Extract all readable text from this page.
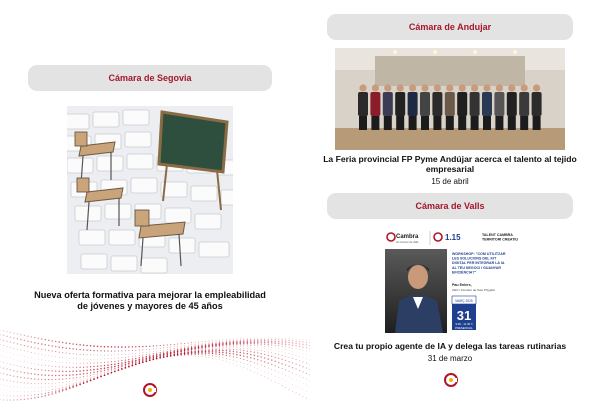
Cámara de Segovia
Nueva oferta formativa para mejorar la empleabilidad de jóvenes y mayores de 45 años
Cámara de Andujar
La Feria provincial FP Pyme Andújar acerca el talento al tejido empresarial
15 de abril
Cámara de Valls
Cambra
de Comerç de Valls
1.15	TALENT CAMBRA TERRITORI CREATIU
WORKSHOP: "COM UTILITZAR LES SOLUCIONS DEL KIT DIGITAL PER INTEGRAR LA IA AL TEU NEGOCI I GUANYAR EFICIÈNCIA?"
Pau Enlers,
CEO i Founder de Soul Phygital
MARÇ 2025
31
9.00 - 11.30 h
PRESENCIAL
Crea tu propio agente de IA y delega las tareas rutinarias
31 de marzo
